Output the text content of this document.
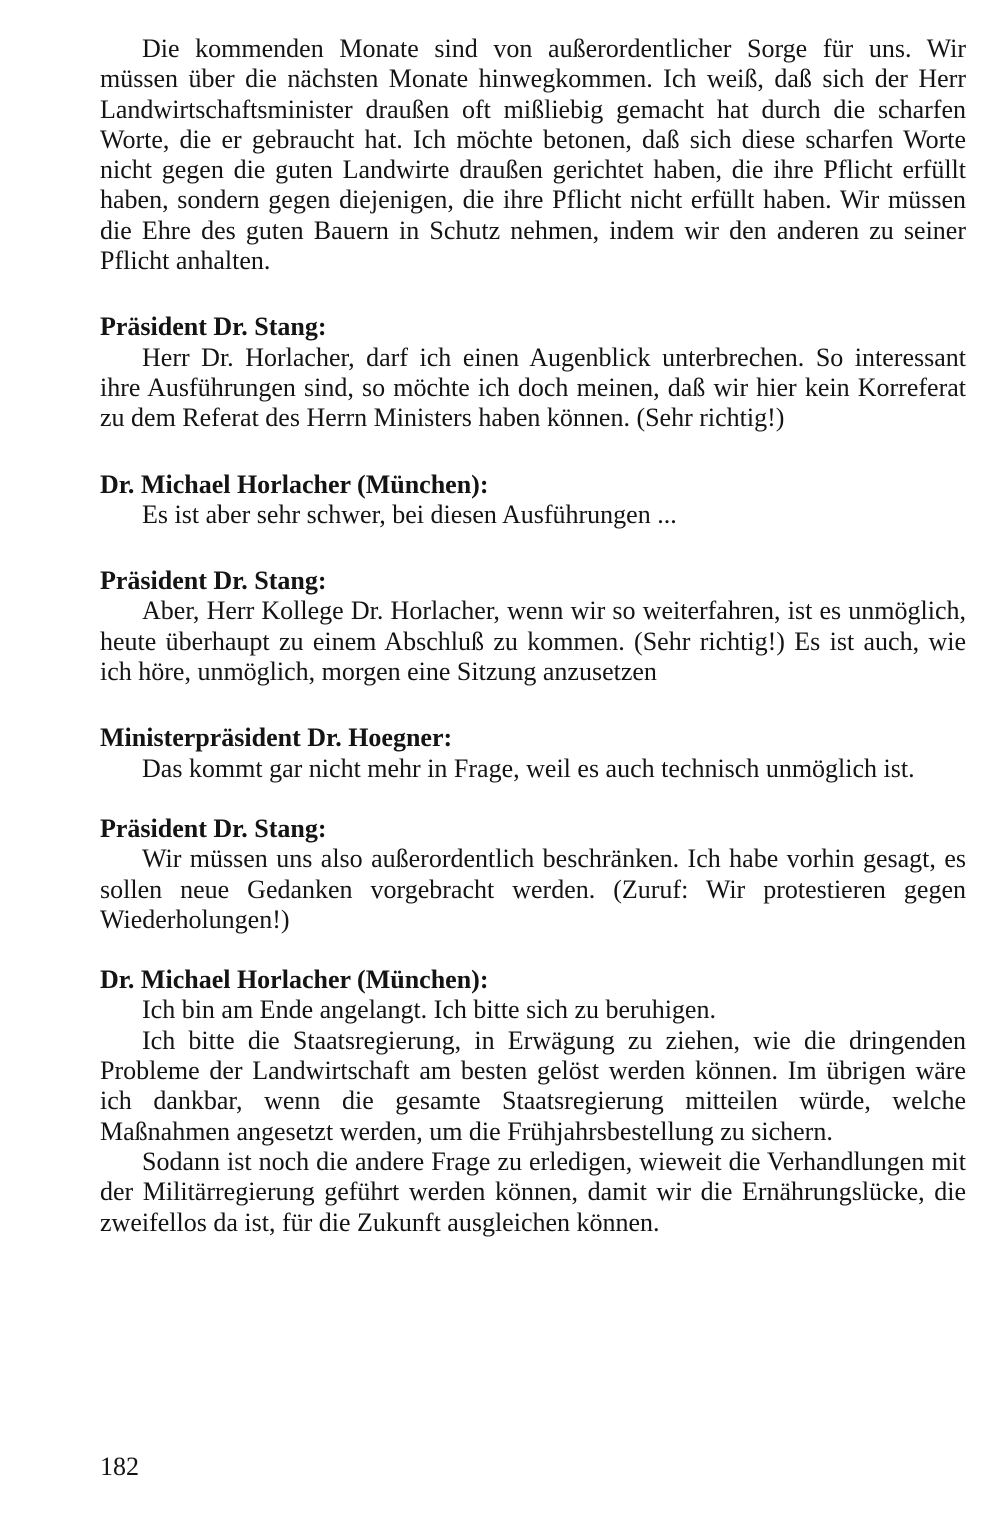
Die kommenden Monate sind von außerordentlicher Sorge für uns. Wir müssen über die nächsten Monate hinwegkommen. Ich weiß, daß sich der Herr Landwirtschaftsminister draußen oft mißliebig gemacht hat durch die scharfen Worte, die er gebraucht hat. Ich möchte betonen, daß sich diese scharfen Worte nicht gegen die guten Landwirte draußen gerichtet haben, die ihre Pflicht erfüllt haben, sondern gegen diejenigen, die ihre Pflicht nicht erfüllt haben. Wir müssen die Ehre des guten Bauern in Schutz nehmen, indem wir den anderen zu seiner Pflicht anhalten.

Präsident Dr. Stang:

Herr Dr. Horlacher, darf ich einen Augenblick unterbrechen. So interessant ihre Ausführungen sind, so möchte ich doch meinen, daß wir hier kein Korreferat zu dem Referat des Herrn Ministers haben können. (Sehr richtig!)

Dr. Michael Horlacher (München):

Es ist aber sehr schwer, bei diesen Ausführungen ...

Präsident Dr. Stang:

Aber, Herr Kollege Dr. Horlacher, wenn wir so weiterfahren, ist es unmöglich, heute überhaupt zu einem Abschluß zu kommen. (Sehr richtig!) Es ist auch, wie ich höre, unmöglich, morgen eine Sitzung anzusetzen

Ministerpräsident Dr. Hoegner:

Das kommt gar nicht mehr in Frage, weil es auch technisch unmöglich ist.

Präsident Dr. Stang:

Wir müssen uns also außerordentlich beschränken. Ich habe vorhin gesagt, es sollen neue Gedanken vorgebracht werden. (Zuruf: Wir protestieren gegen Wiederholungen!)

Dr. Michael Horlacher (München):

Ich bin am Ende angelangt. Ich bitte sich zu beruhigen.

Ich bitte die Staatsregierung, in Erwägung zu ziehen, wie die dringenden Probleme der Landwirtschaft am besten gelöst werden können. Im übrigen wäre ich dankbar, wenn die gesamte Staatsregierung mitteilen würde, welche Maßnahmen angesetzt werden, um die Frühjahrsbestellung zu sichern.

Sodann ist noch die andere Frage zu erledigen, wieweit die Verhandlungen mit der Militärregierung geführt werden können, damit wir die Ernährungslücke, die zweifellos da ist, für die Zukunft ausgleichen können.

182
